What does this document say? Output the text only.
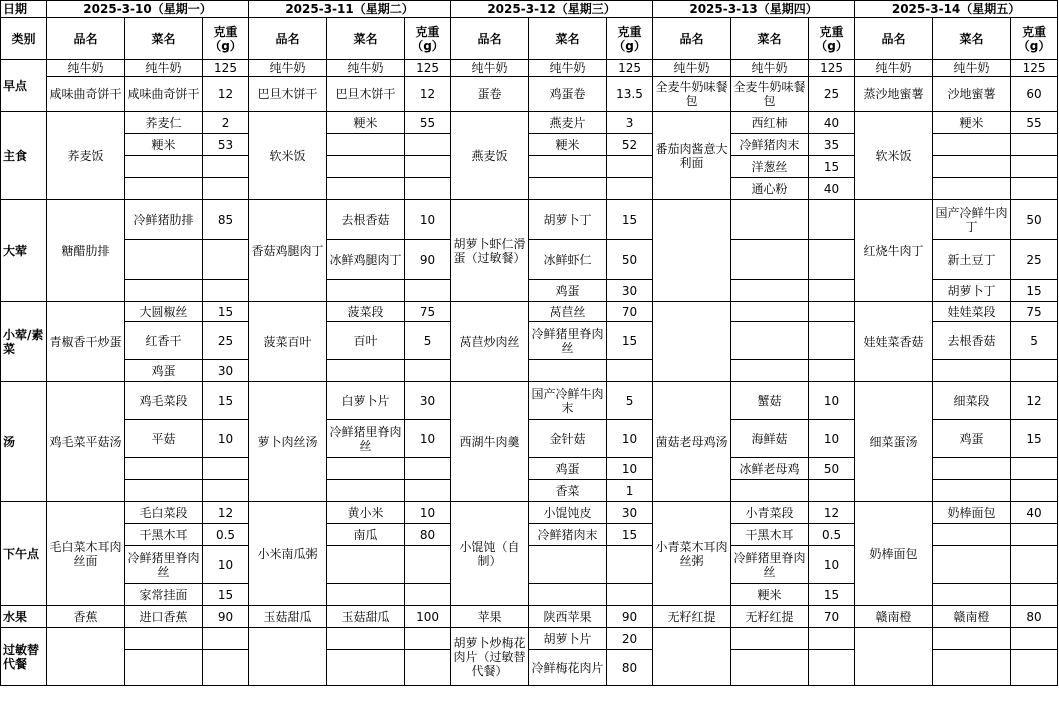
日期	2025-3-10（星期一）			2025-3-11（星期二）			2025-3-12（星期三）			2025-3-13（星期四）			2025-3-14（星期五）		
类别	品名	菜名	克重（g）	品名	菜名	克重（g）	品名	菜名	克重（g）	品名	菜名	克重（g）	品名	菜名	克重（g）
早点	纯牛奶	纯牛奶	125	纯牛奶	纯牛奶	125	纯牛奶	纯牛奶	125	纯牛奶	纯牛奶	125	纯牛奶	纯牛奶	125
	咸味曲奇饼干	咸味曲奇饼干	12	巴旦木饼干	巴旦木饼干	12	蛋卷	鸡蛋卷	13.5	全麦牛奶味餐包	全麦牛奶味餐包	25	蒸沙地蜜薯	沙地蜜薯	60
主食	荞麦饭	荞麦仁	2	软米饭	粳米	55	燕麦饭	燕麦片	3	番茄肉酱意大利面	西红柿	40	软米饭	粳米	55
		粳米	53					粳米	52		冷鲜猪肉末	35			
											洋葱丝	15			
											通心粉	40			
大荤	糖醋肋排	冷鲜猪肋排	85	香菇鸡腿肉丁	去根香菇	10	胡萝卜虾仁滑蛋（过敏餐）	胡萝卜丁	15				红烧牛肉丁	国产冷鲜牛肉丁	50
					冰鲜鸡腿肉丁	90		冰鲜虾仁	50					新土豆丁	25
								鸡蛋	30					胡萝卜丁	15
小荤/素菜	青椒香干炒蛋	大圆椒丝	15	菠菜百叶	菠菜段	75	莴苣炒肉丝	莴苣丝	70				娃娃菜香菇	娃娃菜段	75
		红香干	25		百叶	5		冷鲜猪里脊肉丝	15					去根香菇	5
		鸡蛋	30												
汤	鸡毛菜平菇汤	鸡毛菜段	15	萝卜肉丝汤	白萝卜片	30	西湖牛肉羹	国产冷鲜牛肉末	5	菌菇老母鸡汤	蟹菇	10	细菜蛋汤	细菜段	12
		平菇	10		冷鲜猪里脊肉丝	10		金针菇	10		海鲜菇	10		鸡蛋	15
								鸡蛋	10		冰鲜老母鸡	50			
								香菜	1						

下午点	毛白菜木耳肉丝面	毛白菜段	12	小米南瓜粥	黄小米	10	小馄饨（自制）	小馄饨皮	30	小青菜木耳肉丝粥	小青菜段	12	奶棒面包	奶棒面包	40
		干黑木耳	0.5		南瓜	80		冷鲜猪肉末	15		干黑木耳	0.5			
		冷鲜猪里脊肉丝	10								冷鲜猪里脊肉丝	10			
		家常挂面	15								粳米	15			
水果	香蕉	进口香蕉	90	玉菇甜瓜	玉菇甜瓜	100	苹果	陕西苹果	90	无籽红提	无籽红提	70	赣南橙	赣南橙	80
过敏替代餐							胡萝卜炒梅花肉片（过敏替代餐）	胡萝卜片	20						
								冷鲜梅花肉片	80						
